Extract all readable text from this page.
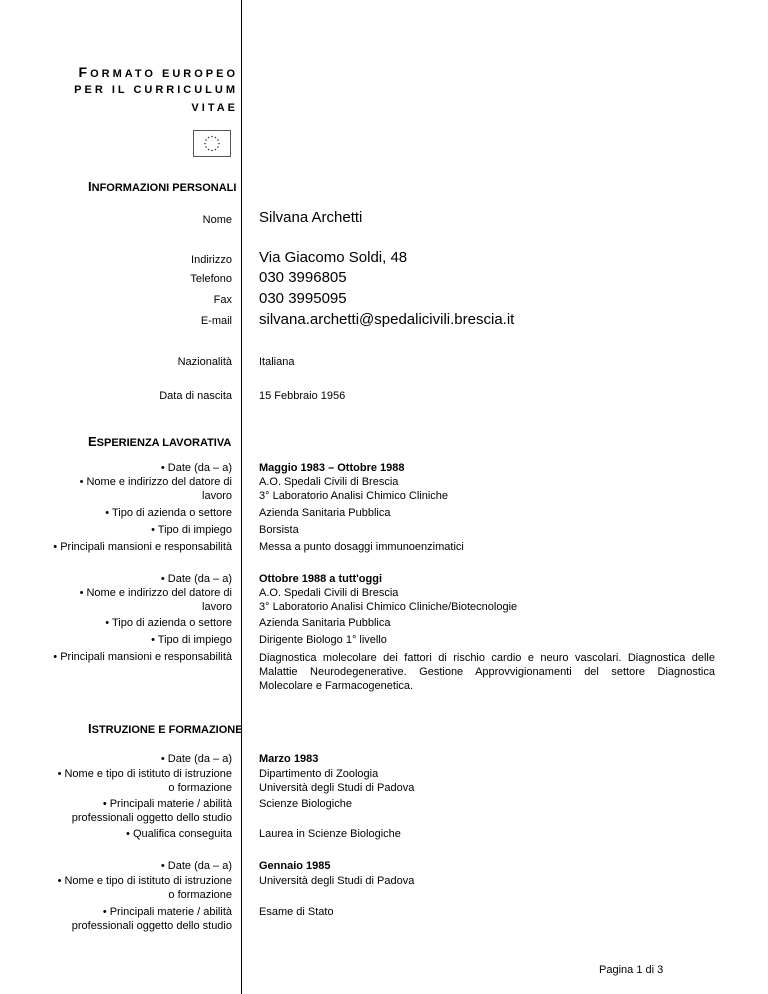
FORMATO EUROPEO
PER IL CURRICULUM
VITAE
INFORMAZIONI PERSONALI
Nome Silvana Archetti
Indirizzo Via Giacomo Soldi, 48
Telefono 030 3996805
Fax 030 3995095
E-mail silvana.archetti@spedalicivili.brescia.it
Nazionalità Italiana
Data di nascita 15 Febbraio 1956
ESPERIENZA LAVORATIVA
• Date (da – a) Maggio 1983 – Ottobre 1988
• Nome e indirizzo del datore di
lavoro
A.O. Spedali Civili di Brescia
3° Laboratorio Analisi Chimico Cliniche
• Tipo di azienda o settore Azienda Sanitaria Pubblica
• Tipo di impiego Borsista
• Principali mansioni e responsabilità Messa a punto dosaggi immunoenzimatici
• Date (da – a) Ottobre 1988 a tutt'oggi
• Nome e indirizzo del datore di
lavoro
A.O. Spedali Civili di Brescia
3° Laboratorio Analisi Chimico Cliniche/Biotecnologie
• Tipo di azienda o settore Azienda Sanitaria Pubblica
• Tipo di impiego Dirigente Biologo 1° livello
• Principali mansioni e responsabilità Diagnostica molecolare dei fattori di rischio cardio e neuro vascolari. Diagnostica delle Malattie Neurodegenerative. Gestione Approvvigionamenti del settore Diagnostica Molecolare e Farmacogenetica.
ISTRUZIONE E FORMAZIONE
• Date (da – a) Marzo 1983
• Nome e tipo di istituto di istruzione
o formazione
Dipartimento di Zoologia
Università degli Studi di Padova
• Principali materie / abilità
professionali oggetto dello studio
Scienze Biologiche
• Qualifica conseguita Laurea in Scienze Biologiche
• Date (da – a) Gennaio 1985
• Nome e tipo di istituto di istruzione
o formazione
Università degli Studi di Padova
• Principali materie / abilità
professionali oggetto dello studio
Esame di Stato
Pagina 1 di 3
